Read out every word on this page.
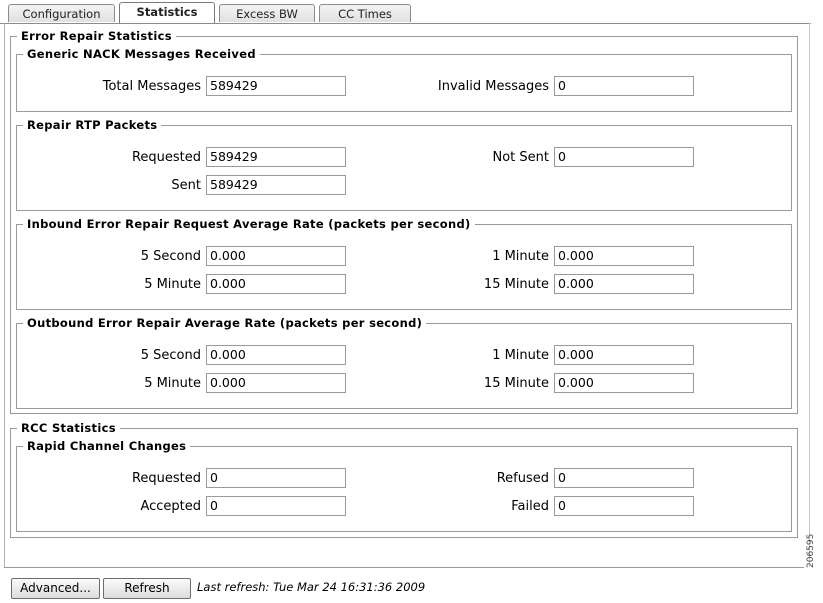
Configuration	Statistics	Excess BW	CC Times
Error Repair Statistics
Generic NACK Messages Received
Total Messages 589429	Invalid Messages 0
Repair RTP Packets
Requested 589429	Not Sent 0
Sent 589429
Inbound Error Repair Request Average Rate (packets per second)
5 Second 0.000	1 Minute 0.000
5 Minute 0.000	15 Minute 0.000
Outbound Error Repair Average Rate (packets per second)
5 Second 0.000	1 Minute 0.000
5 Minute 0.000	15 Minute 0.000
RCC Statistics
Rapid Channel Changes
Requested 0	Refused 0
Accepted 0	Failed 0
Advanced...	Refresh	Last refresh: Tue Mar 24 16:31:36 2009
206595
